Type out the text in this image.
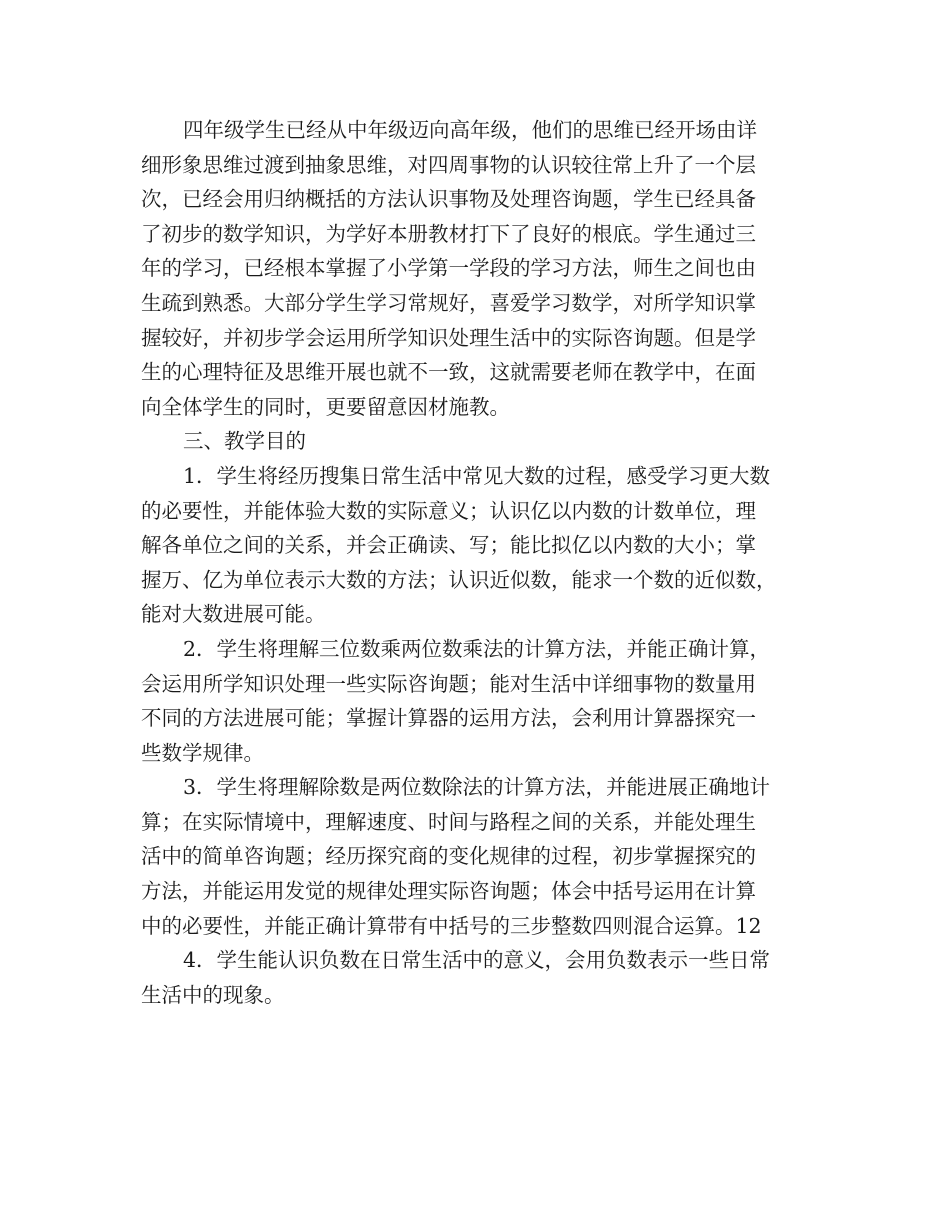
四年级学生已经从中年级迈向高年级，他们的思维已经开场由详
细形象思维过渡到抽象思维，对四周事物的认识较往常上升了一个层
次，已经会用归纳概括的方法认识事物及处理咨询题，学生已经具备
了初步的数学知识，为学好本册教材打下了良好的根底。学生通过三
年的学习，已经根本掌握了小学第一学段的学习方法，师生之间也由
生疏到熟悉。大部分学生学习常规好，喜爱学习数学，对所学知识掌
握较好，并初步学会运用所学知识处理生活中的实际咨询题。但是学
生的心理特征及思维开展也就不一致，这就需要老师在教学中，在面
向全体学生的同时，更要留意因材施教。
三、教学目的
1．学生将经历搜集日常生活中常见大数的过程，感受学习更大数
的必要性，并能体验大数的实际意义；认识亿以内数的计数单位，理
解各单位之间的关系，并会正确读、写；能比拟亿以内数的大小；掌
握万、亿为单位表示大数的方法；认识近似数，能求一个数的近似数，
能对大数进展可能。
2．学生将理解三位数乘两位数乘法的计算方法，并能正确计算，
会运用所学知识处理一些实际咨询题；能对生活中详细事物的数量用
不同的方法进展可能；掌握计算器的运用方法，会利用计算器探究一
些数学规律。
3．学生将理解除数是两位数除法的计算方法，并能进展正确地计
算；在实际情境中，理解速度、时间与路程之间的关系，并能处理生
活中的简单咨询题；经历探究商的变化规律的过程，初步掌握探究的
方法，并能运用发觉的规律处理实际咨询题；体会中括号运用在计算
中的必要性，并能正确计算带有中括号的三步整数四则混合运算。12
4．学生能认识负数在日常生活中的意义，会用负数表示一些日常
生活中的现象。
